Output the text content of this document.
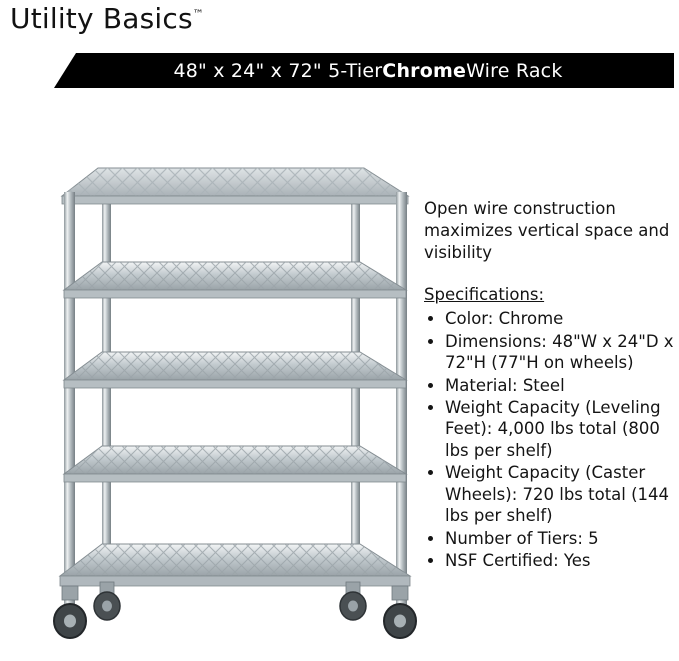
Utility Basics™
48" x 24" x 72" 5-Tier Chrome Wire Rack

Open wire construction maximizes vertical space and visibility

Specifications:

• Color: Chrome
• Dimensions: 48"W x 24"D x 72"H (77"H on wheels)
• Material: Steel
• Weight Capacity (Leveling Feet): 4,000 lbs total (800 lbs per shelf)
• Weight Capacity (Caster Wheels): 720 lbs total (144 lbs per shelf)
• Number of Tiers: 5
• NSF Certified: Yes
